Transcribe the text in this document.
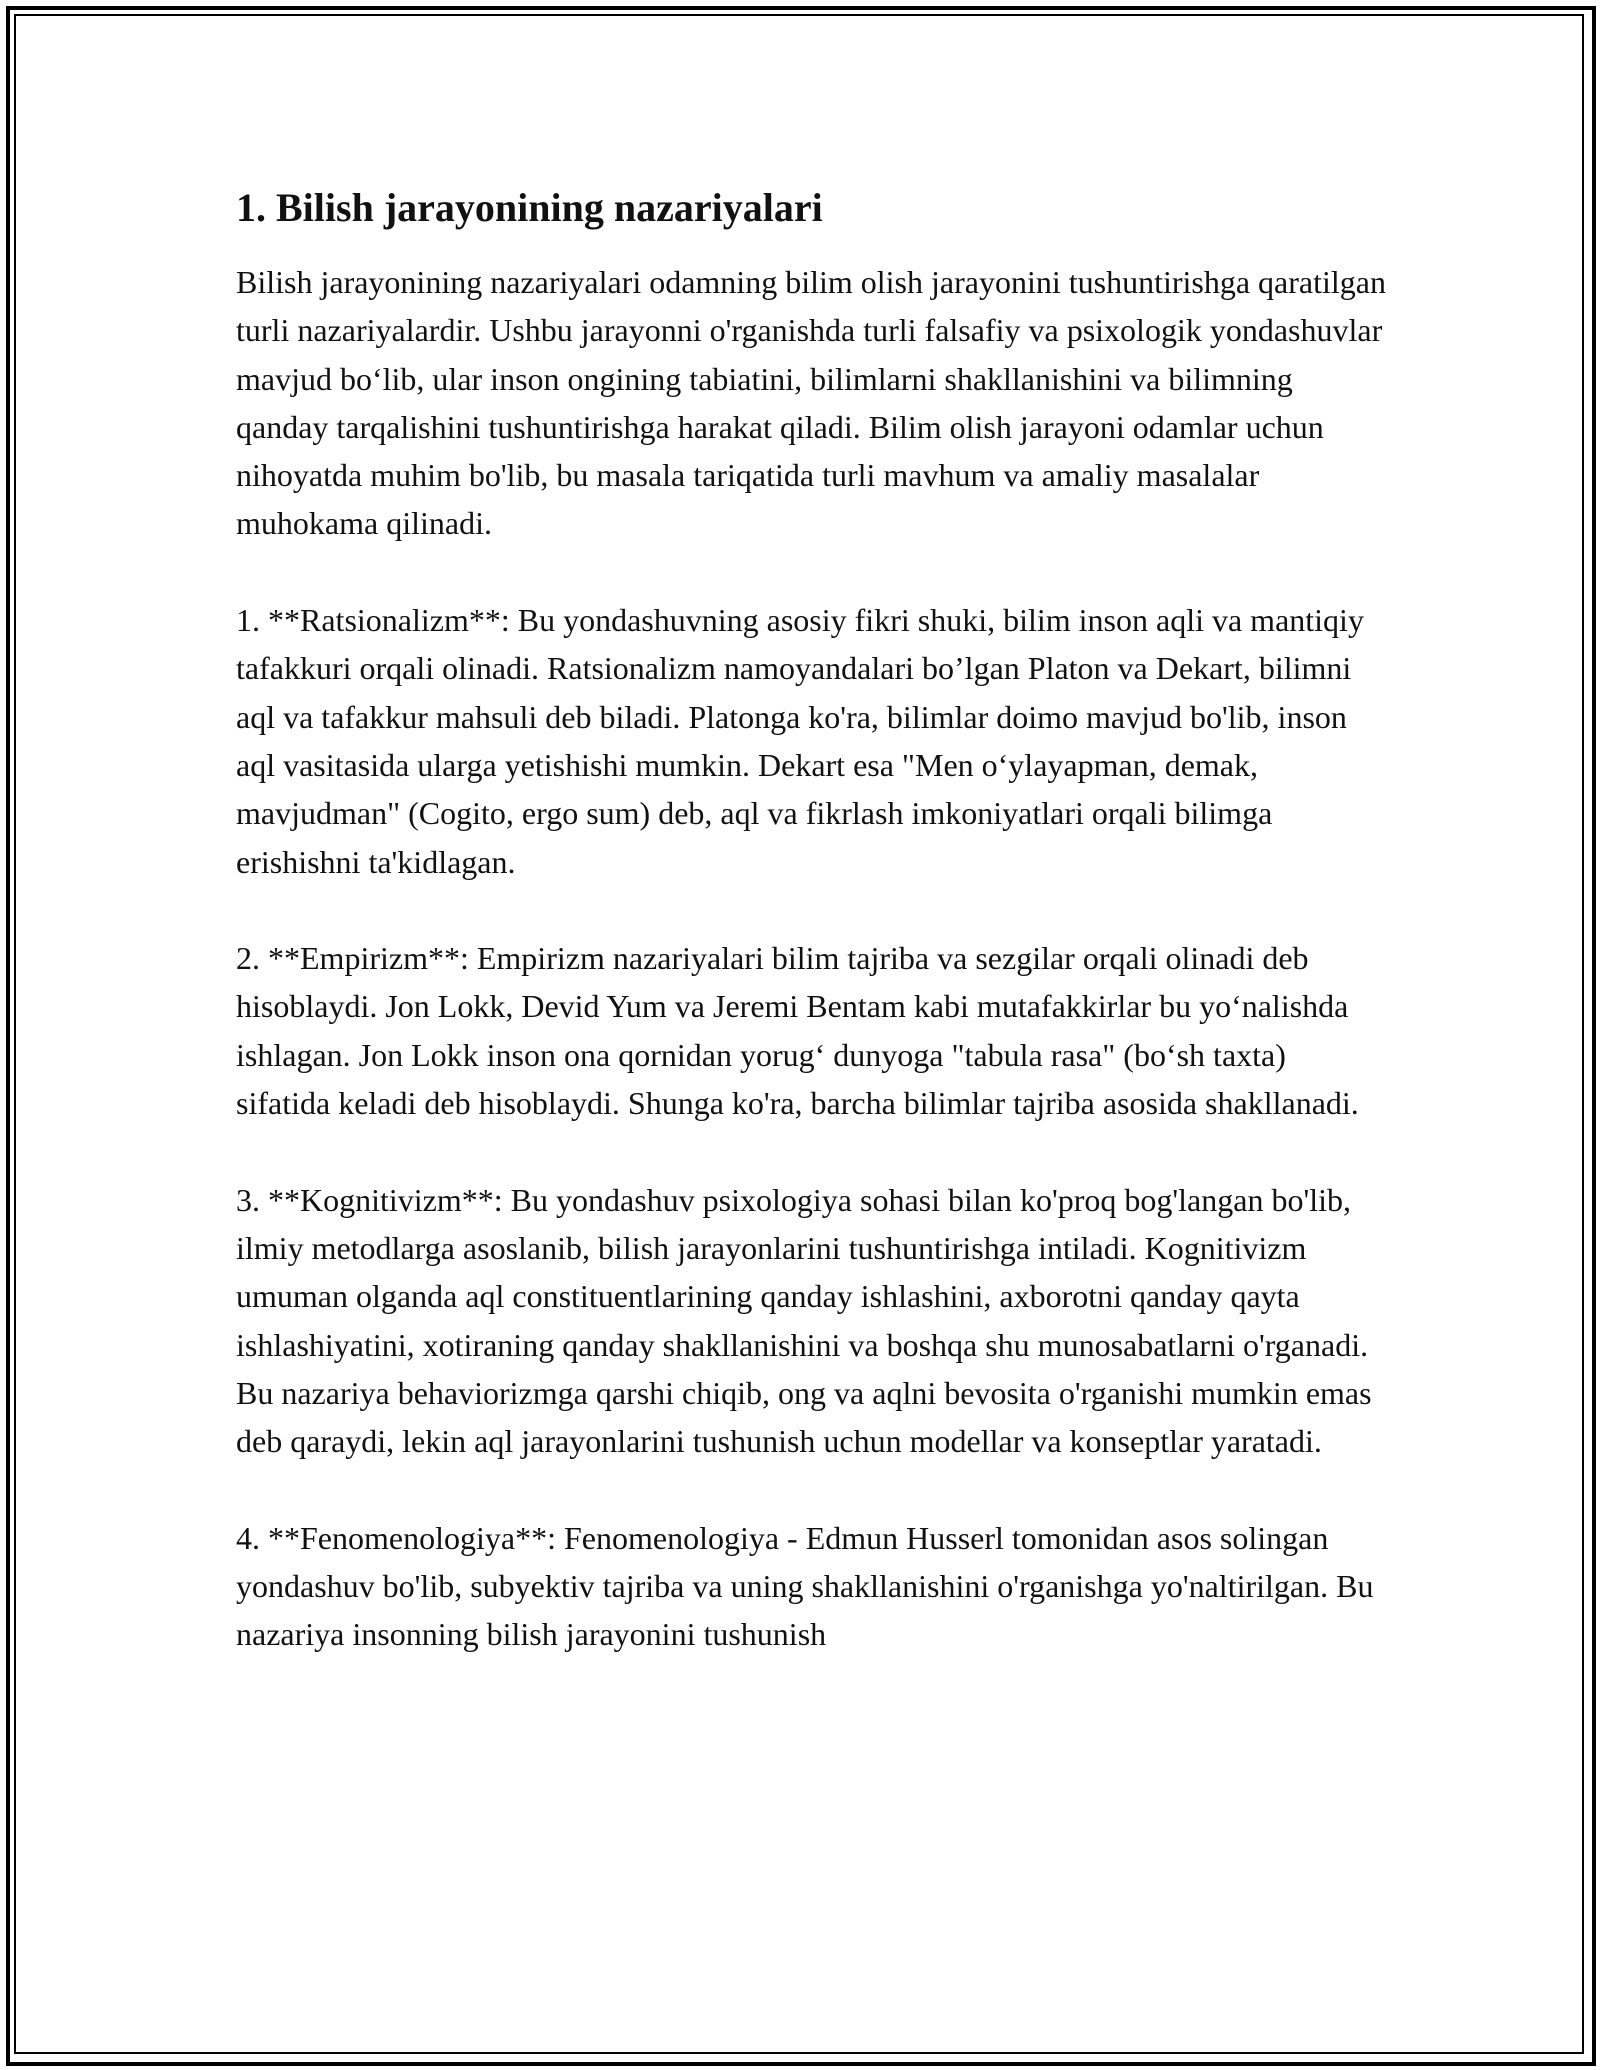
1. Bilish jarayonining nazariyalari
Bilish jarayonining nazariyalari odamning bilim olish jarayonini tushuntirishga qaratilgan turli nazariyalardir. Ushbu jarayonni o'rganishda turli falsafiy va psixologik yondashuvlar mavjud bo‘lib, ular inson ongining tabiatini, bilimlarni shakllanishini va bilimning qanday tarqalishini tushuntirishga harakat qiladi. Bilim olish jarayoni odamlar uchun nihoyatda muhim bo'lib, bu masala tariqatida turli mavhum va amaliy masalalar muhokama qilinadi.
1. **Ratsionalizm**: Bu yondashuvning asosiy fikri shuki, bilim inson aqli va mantiqiy tafakkuri orqali olinadi. Ratsionalizm namoyandalari bo’lgan Platon va Dekart, bilimni aql va tafakkur mahsuli deb biladi. Platonga ko'ra, bilimlar doimo mavjud bo'lib, inson aql vasitasida ularga yetishishi mumkin. Dekart esa "Men o‘ylayapman, demak, mavjudman" (Cogito, ergo sum) deb, aql va fikrlash imkoniyatlari orqali bilimga erishishni ta'kidlagan.
2. **Empirizm**: Empirizm nazariyalari bilim tajriba va sezgilar orqali olinadi deb hisoblaydi. Jon Lokk, Devid Yum va Jeremi Bentam kabi mutafakkirlar bu yo‘nalishda ishlagan. Jon Lokk inson ona qornidan yorug‘ dunyoga "tabula rasa" (bo‘sh taxta) sifatida keladi deb hisoblaydi. Shunga ko'ra, barcha bilimlar tajriba asosida shakllanadi.
3. **Kognitivizm**: Bu yondashuv psixologiya sohasi bilan ko'proq bog'langan bo'lib, ilmiy metodlarga asoslanib, bilish jarayonlarini tushuntirishga intiladi. Kognitivizm umuman olganda aql constituentlarining qanday ishlashini, axborotni qanday qayta ishlashiyatini, xotiraning qanday shakllanishini va boshqa shu munosabatlarni o'rganadi. Bu nazariya behaviorizmga qarshi chiqib, ong va aqlni bevosita o'rganishi mumkin emas deb qaraydi, lekin aql jarayonlarini tushunish uchun modellar va konseptlar yaratadi.
4. **Fenomenologiya**: Fenomenologiya - Edmun Husserl tomonidan asos solingan yondashuv bo'lib, subyektiv tajriba va uning shakllanishini o'rganishga yo'naltirilgan. Bu nazariya insonning bilish jarayonini tushunish
